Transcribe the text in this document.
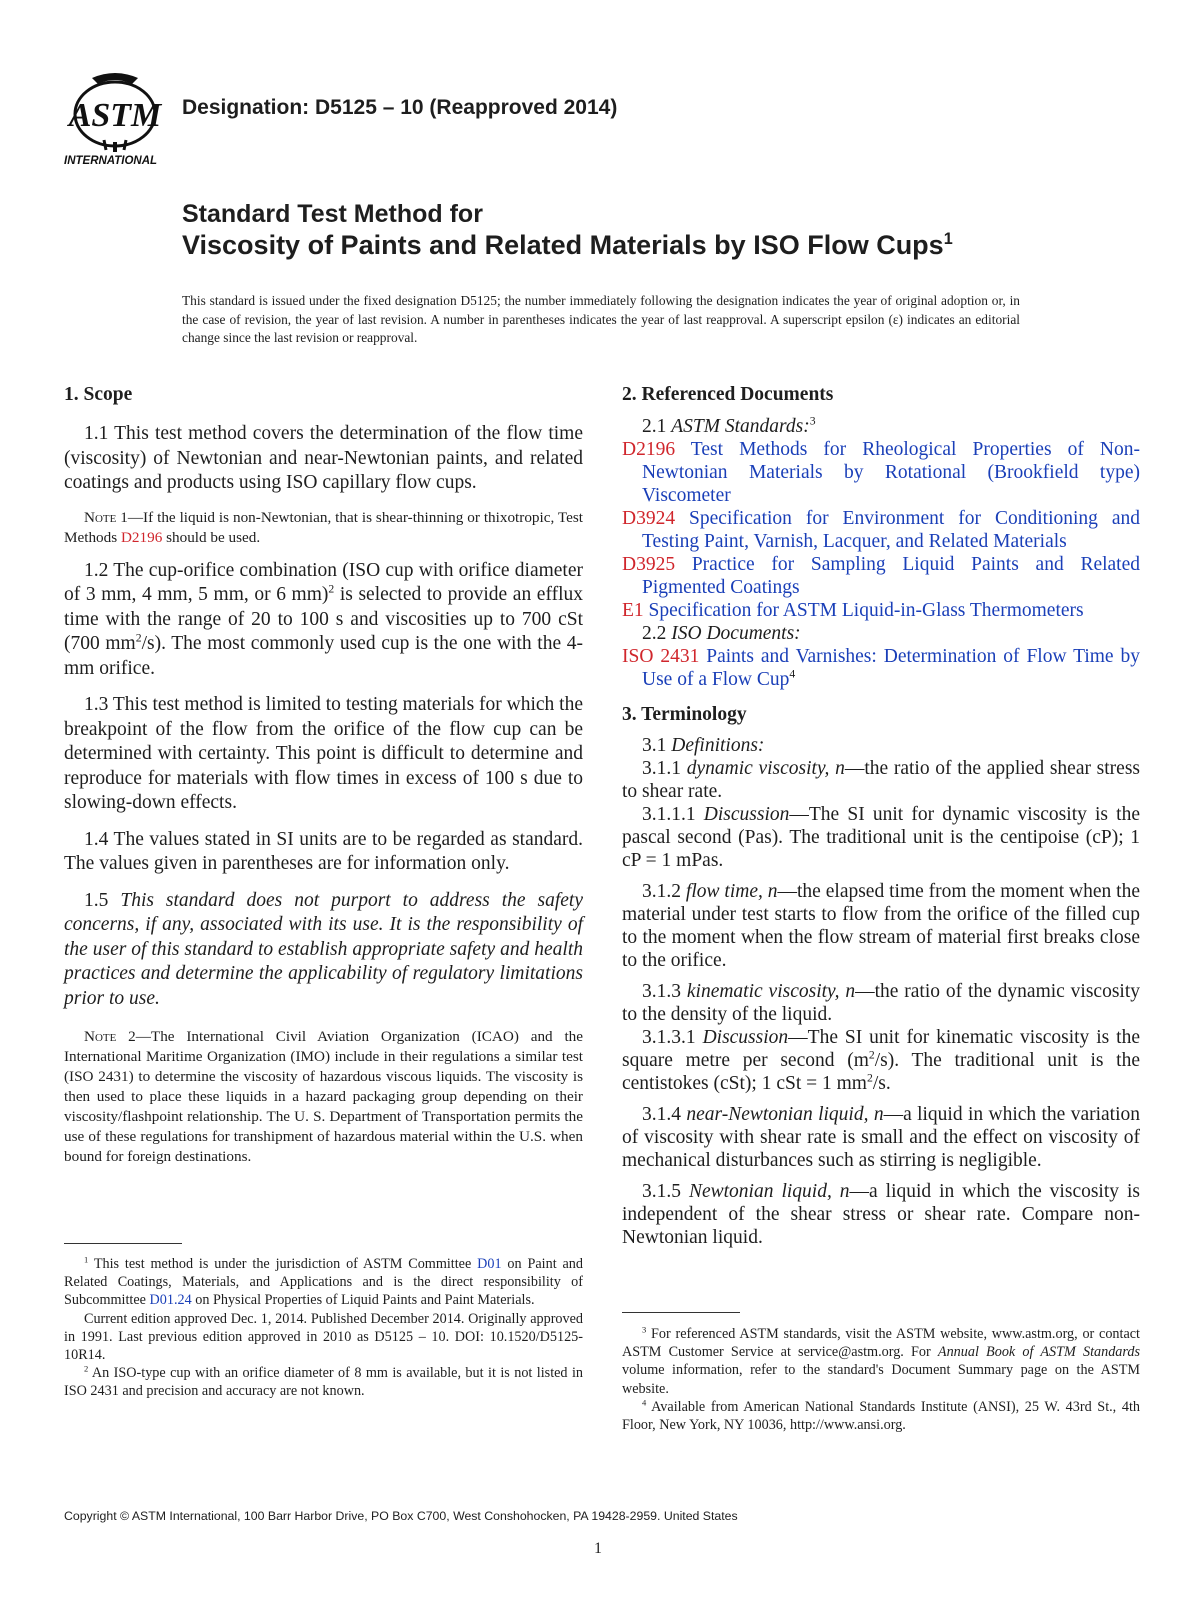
ASTM
INTERNATIONAL
Designation: D5125 – 10 (Reapproved 2014)
Standard Test Method for
Viscosity of Paints and Related Materials by ISO Flow Cups$^1$
This standard is issued under the fixed designation D5125; the number immediately following the designation indicates the year of original adoption or, in the case of revision, the year of last revision. A number in parentheses indicates the year of last reapproval. A superscript epsilon (ε) indicates an editorial change since the last revision or reapproval.

1. Scope

1.1 This test method covers the determination of the flow time (viscosity) of Newtonian and near-Newtonian paints, and related coatings and products using ISO capillary flow cups.

Note 1—If the liquid is non-Newtonian, that is shear-thinning or thixotropic, Test Methods D2196 should be used.

1.2 The cup-orifice combination (ISO cup with orifice diameter of 3 mm, 4 mm, 5 mm, or 6 mm)$^2$ is selected to provide an efflux time with the range of 20 to 100 s and viscosities up to 700 cSt (700 $mm^2/s$). The most commonly used cup is the one with the 4-mm orifice.

1.3 This test method is limited to testing materials for which the breakpoint of the flow from the orifice of the flow cup can be determined with certainty. This point is difficult to determine and reproduce for materials with flow times in excess of 100 s due to slowing-down effects.

1.4 The values stated in SI units are to be regarded as standard. The values given in parentheses are for information only.

1.5 This standard does not purport to address the safety concerns, if any, associated with its use. It is the responsibility of the user of this standard to establish appropriate safety and health practices and determine the applicability of regulatory limitations prior to use.

Note 2—The International Civil Aviation Organization (ICAO) and the International Maritime Organization (IMO) include in their regulations a similar test (ISO 2431) to determine the viscosity of hazardous viscous liquids. The viscosity is then used to place these liquids in a hazard packaging group depending on their viscosity/flashpoint relationship. The U. S. Department of Transportation permits the use of these regulations for transhipment of hazardous material within the U.S. when bound for foreign destinations.

$^1$ This test method is under the jurisdiction of ASTM Committee D01 on Paint and Related Coatings, Materials, and Applications and is the direct responsibility of Subcommittee D01.24 on Physical Properties of Liquid Paints and Paint Materials.

Current edition approved Dec. 1, 2014. Published December 2014. Originally approved in 1991. Last previous edition approved in 2010 as D5125 – 10. DOI: 10.1520/D5125-10R14.

$^2$ An ISO-type cup with an orifice diameter of 8 mm is available, but it is not listed in ISO 2431 and precision and accuracy are not known.

2. Referenced Documents

2.1 ASTM Standards:$^3$

D2196 Test Methods for Rheological Properties of Non-Newtonian Materials by Rotational (Brookfield type) Viscometer

D3924 Specification for Environment for Conditioning and Testing Paint, Varnish, Lacquer, and Related Materials

D3925 Practice for Sampling Liquid Paints and Related Pigmented Coatings

E1 Specification for ASTM Liquid-in-Glass Thermometers

2.2 ISO Documents:

ISO 2431 Paints and Varnishes: Determination of Flow Time by Use of a Flow Cup$^4$

3. Terminology

3.1 Definitions:

3.1.1 dynamic viscosity, n—the ratio of the applied shear stress to shear rate.

3.1.1.1 Discussion—The SI unit for dynamic viscosity is the pascal second (Pas). The traditional unit is the centipoise (cP); 1 cP = 1 mPas.

3.1.2 flow time, n—the elapsed time from the moment when the material under test starts to flow from the orifice of the filled cup to the moment when the flow stream of material first breaks close to the orifice.

3.1.3 kinematic viscosity, n—the ratio of the dynamic viscosity to the density of the liquid.

3.1.3.1 Discussion—The SI unit for kinematic viscosity is the square metre per second $(m^2/s)$. The traditional unit is the centistokes (cSt); 1 cSt = 1 $mm^2/s$.

3.1.4 near-Newtonian liquid, n—a liquid in which the variation of viscosity with shear rate is small and the effect on viscosity of mechanical disturbances such as stirring is negligible.

3.1.5 Newtonian liquid, n—a liquid in which the viscosity is independent of the shear stress or shear rate. Compare non-Newtonian liquid.

$^3$ For referenced ASTM standards, visit the ASTM website, www.astm.org, or contact ASTM Customer Service at service@astm.org. For Annual Book of ASTM Standards volume information, refer to the standard's Document Summary page on the ASTM website.

$^4$ Available from American National Standards Institute (ANSI), 25 W. 43rd St., 4th Floor, New York, NY 10036, http://www.ansi.org.

Copyright © ASTM International, 100 Barr Harbor Drive, PO Box C700, West Conshohocken, PA 19428-2959. United States
1
